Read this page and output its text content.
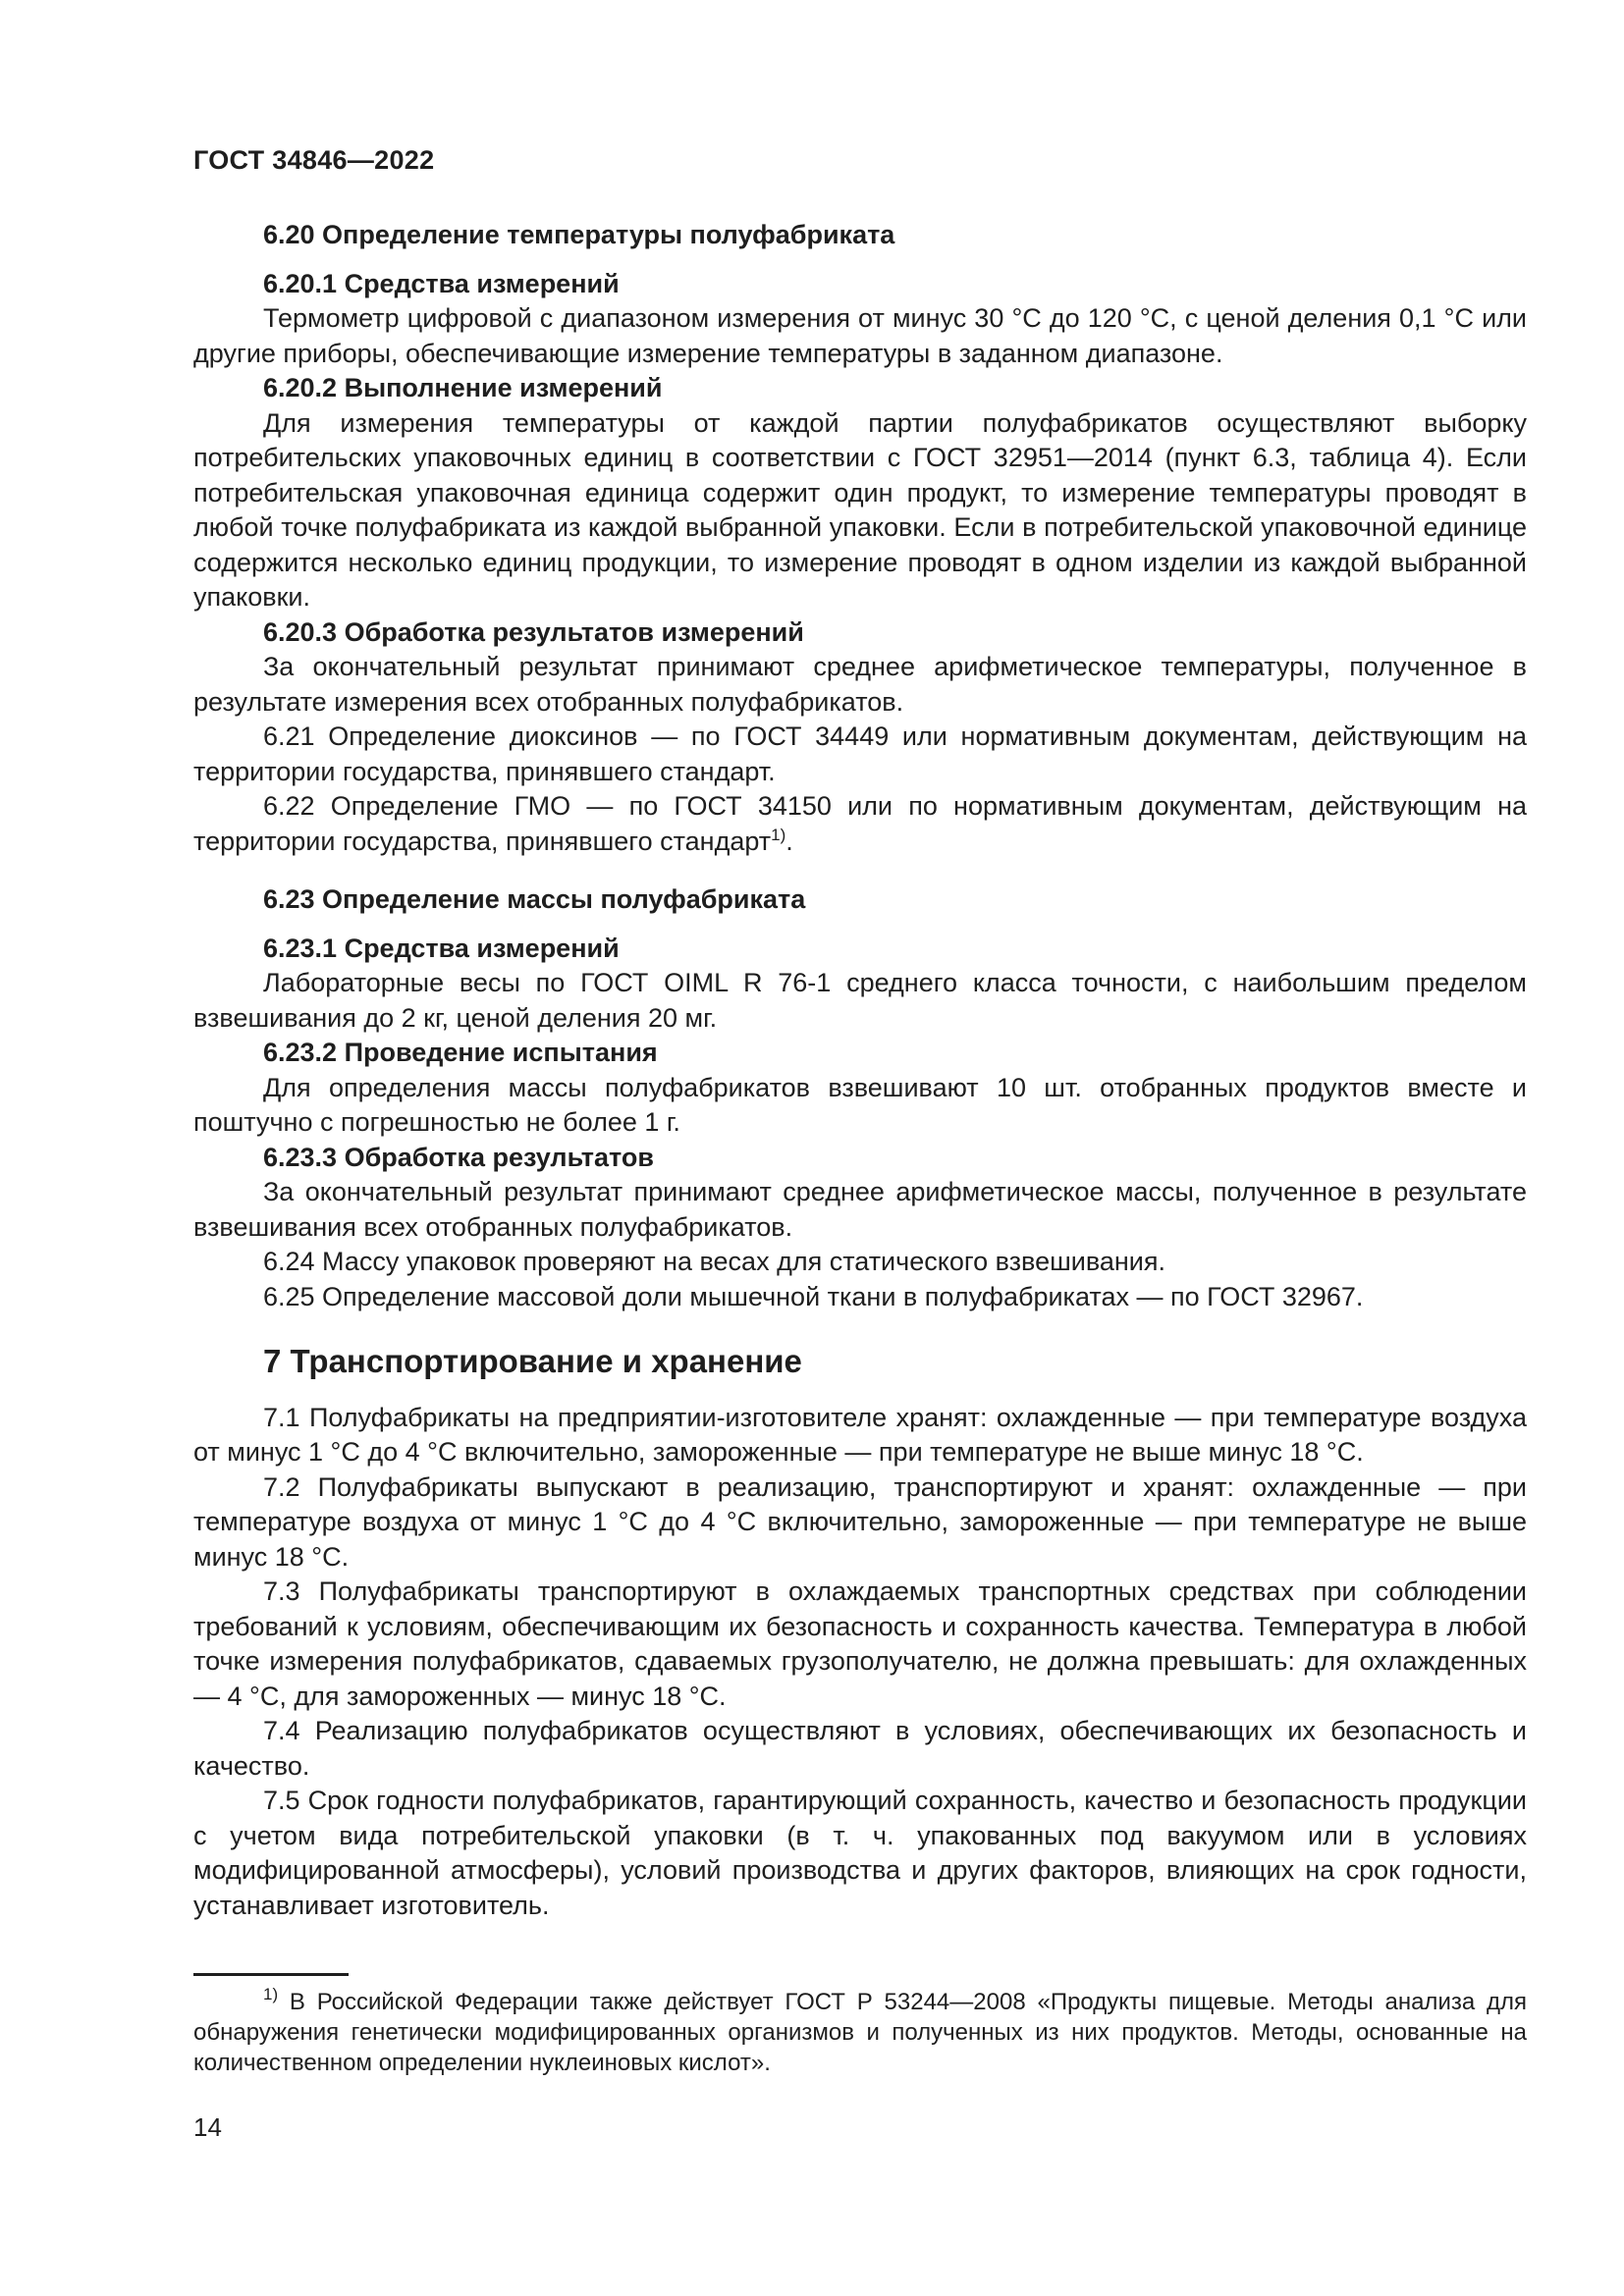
ГОСТ 34846—2022
6.20 Определение температуры полуфабриката
6.20.1 Средства измерений

Термометр цифровой с диапазоном измерения от минус 30 °С до 120 °С, с ценой деления 0,1 °С или другие приборы, обеспечивающие измерение температуры в заданном диапазоне.

6.20.2 Выполнение измерений

Для измерения температуры от каждой партии полуфабрикатов осуществляют выборку потребительских упаковочных единиц в соответствии с ГОСТ 32951—2014 (пункт 6.3, таблица 4). Если потребительская упаковочная единица содержит один продукт, то измерение температуры проводят в любой точке полуфабриката из каждой выбранной упаковки. Если в потребительской упаковочной единице содержится несколько единиц продукции, то измерение проводят в одном изделии из каждой выбранной упаковки.

6.20.3 Обработка результатов измерений

За окончательный результат принимают среднее арифметическое температуры, полученное в результате измерения всех отобранных полуфабрикатов.

6.21 Определение диоксинов — по ГОСТ 34449 или нормативным документам, действующим на территории государства, принявшего стандарт.

6.22 Определение ГМО — по ГОСТ 34150 или по нормативным документам, действующим на территории государства, принявшего стандарт$^{1)}$.

6.23 Определение массы полуфабриката
6.23.1 Средства измерений

Лабораторные весы по ГОСТ OIML R 76-1 среднего класса точности, с наибольшим пределом взвешивания до 2 кг, ценой деления 20 мг.

6.23.2 Проведение испытания

Для определения массы полуфабрикатов взвешивают 10 шт. отобранных продуктов вместе и поштучно с погрешностью не более 1 г.

6.23.3 Обработка результатов

За окончательный результат принимают среднее арифметическое массы, полученное в результате взвешивания всех отобранных полуфабрикатов.

6.24 Массу упаковок проверяют на весах для статического взвешивания.

6.25 Определение массовой доли мышечной ткани в полуфабрикатах — по ГОСТ 32967.

7 Транспортирование и хранение

7.1 Полуфабрикаты на предприятии-изготовителе хранят: охлажденные — при температуре воздуха от минус 1 °С до 4 °С включительно, замороженные — при температуре не выше минус 18 °С.

7.2 Полуфабрикаты выпускают в реализацию, транспортируют и хранят: охлажденные — при температуре воздуха от минус 1 °С до 4 °С включительно, замороженные — при температуре не выше минус 18 °С.

7.3 Полуфабрикаты транспортируют в охлаждаемых транспортных средствах при соблюдении требований к условиям, обеспечивающим их безопасность и сохранность качества. Температура в любой точке измерения полуфабрикатов, сдаваемых грузополучателю, не должна превышать: для охлажденных — 4 °С, для замороженных — минус 18 °С.

7.4 Реализацию полуфабрикатов осуществляют в условиях, обеспечивающих их безопасность и качество.

7.5 Срок годности полуфабрикатов, гарантирующий сохранность, качество и безопасность продукции с учетом вида потребительской упаковки (в т. ч. упакованных под вакуумом или в условиях модифицированной атмосферы), условий производства и других факторов, влияющих на срок годности, устанавливает изготовитель.

$^{1)}$ В Российской Федерации также действует ГОСТ Р 53244—2008 «Продукты пищевые. Методы анализа для обнаружения генетически модифицированных организмов и полученных из них продуктов. Методы, основанные на количественном определении нуклеиновых кислот».

14
